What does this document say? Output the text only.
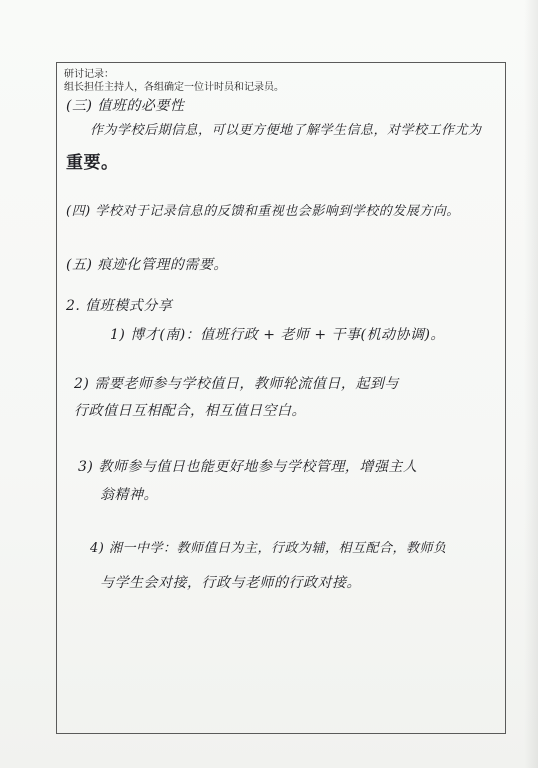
研讨记录：
组长担任主持人，各组确定一位计时员和记录员。
(三) 值班的必要性
作为学校后期信息，可以更方便地了解学生信息，对学校工作尤为
重要。
(四) 学校对于记录信息的反馈和重视也会影响到学校的发展方向。
(五) 痕迹化管理的需要。
2. 值班模式分享
1) 博才(南)：值班行政 + 老师 + 干事(机动协调)。
2) 需要老师参与学校值日，教师轮流值日，起到与
行政值日互相配合，相互值日空白。
3) 教师参与值日也能更好地参与学校管理，增强主人
翁精神。
4) 湘一中学：教师值日为主，行政为辅，相互配合，教师负
与学生会对接，行政与老师的行政对接。
